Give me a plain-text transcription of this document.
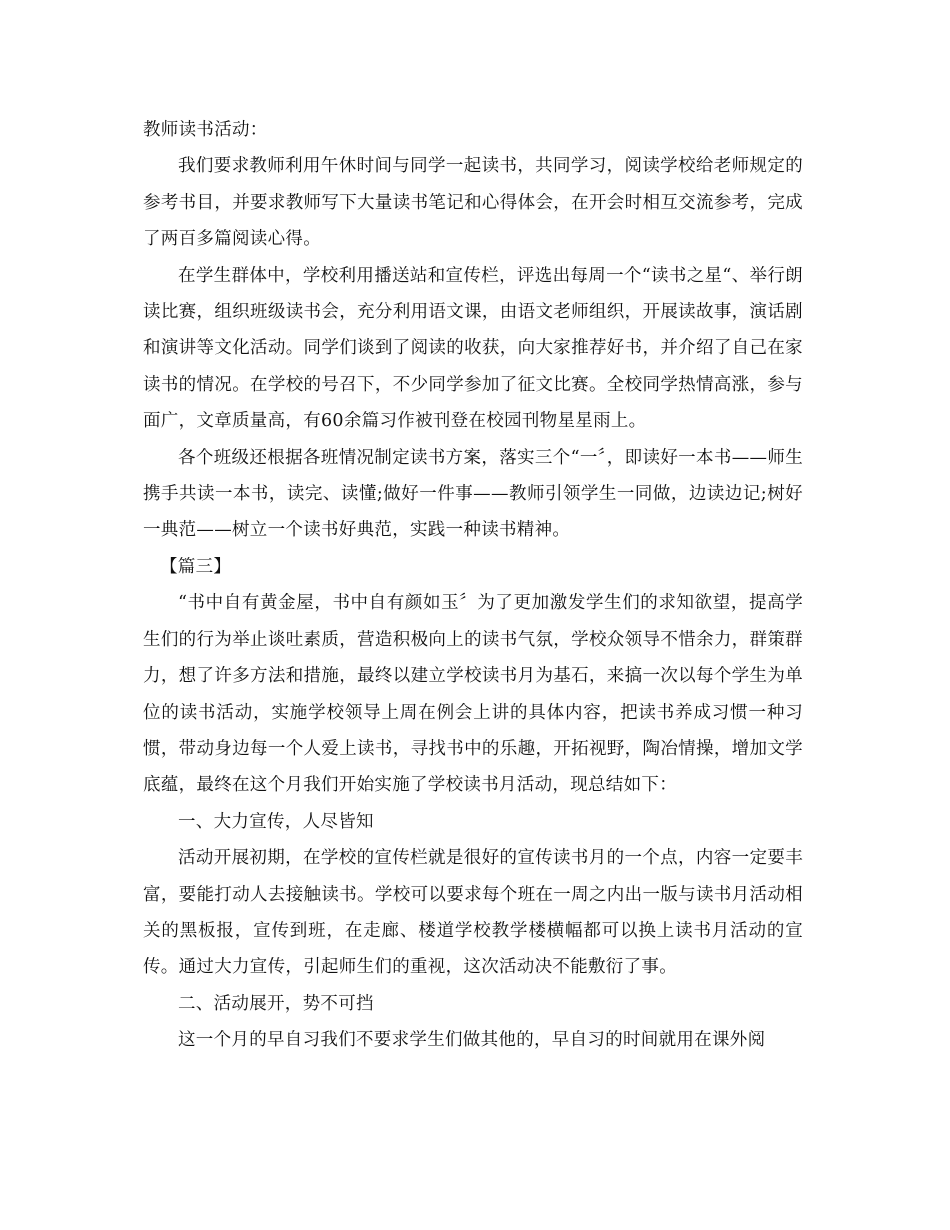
教师读书活动：

我们要求教师利用午休时间与同学一起读书，共同学习，阅读学校给老师规定的参考书目，并要求教师写下大量读书笔记和心得体会，在开会时相互交流参考，完成了两百多篇阅读心得。

在学生群体中，学校利用播送站和宣传栏，评选出每周一个“读书之星“、举行朗读比赛，组织班级读书会，充分利用语文课，由语文老师组织，开展读故事，演话剧和演讲等文化活动。同学们谈到了阅读的收获，向大家推荐好书，并介绍了自己在家读书的情况。在学校的号召下，不少同学参加了征文比赛。全校同学热情高涨，参与面广，文章质量高，有60余篇习作被刊登在校园刊物星星雨上。

各个班级还根据各班情况制定读书方案，落实三个“一〞，即读好一本书——师生携手共读一本书，读完、读懂;做好一件事——教师引领学生一同做，边读边记;树好一典范——树立一个读书好典范，实践一种读书精神。

【篇三】

“书中自有黄金屋，书中自有颜如玉〞为了更加激发学生们的求知欲望，提高学生们的行为举止谈吐素质，营造积极向上的读书气氛，学校众领导不惜余力，群策群力，想了许多方法和措施，最终以建立学校读书月为基石，来搞一次以每个学生为单位的读书活动，实施学校领导上周在例会上讲的具体内容，把读书养成习惯一种习惯，带动身边每一个人爱上读书，寻找书中的乐趣，开拓视野，陶冶情操，增加文学底蕴，最终在这个月我们开始实施了学校读书月活动，现总结如下：

一、大力宣传，人尽皆知

活动开展初期，在学校的宣传栏就是很好的宣传读书月的一个点，内容一定要丰富，要能打动人去接触读书。学校可以要求每个班在一周之内出一版与读书月活动相关的黑板报，宣传到班，在走廊、楼道学校教学楼横幅都可以换上读书月活动的宣传。通过大力宣传，引起师生们的重视，这次活动决不能敷衍了事。

二、活动展开，势不可挡

这一个月的早自习我们不要求学生们做其他的，早自习的时间就用在课外阅
